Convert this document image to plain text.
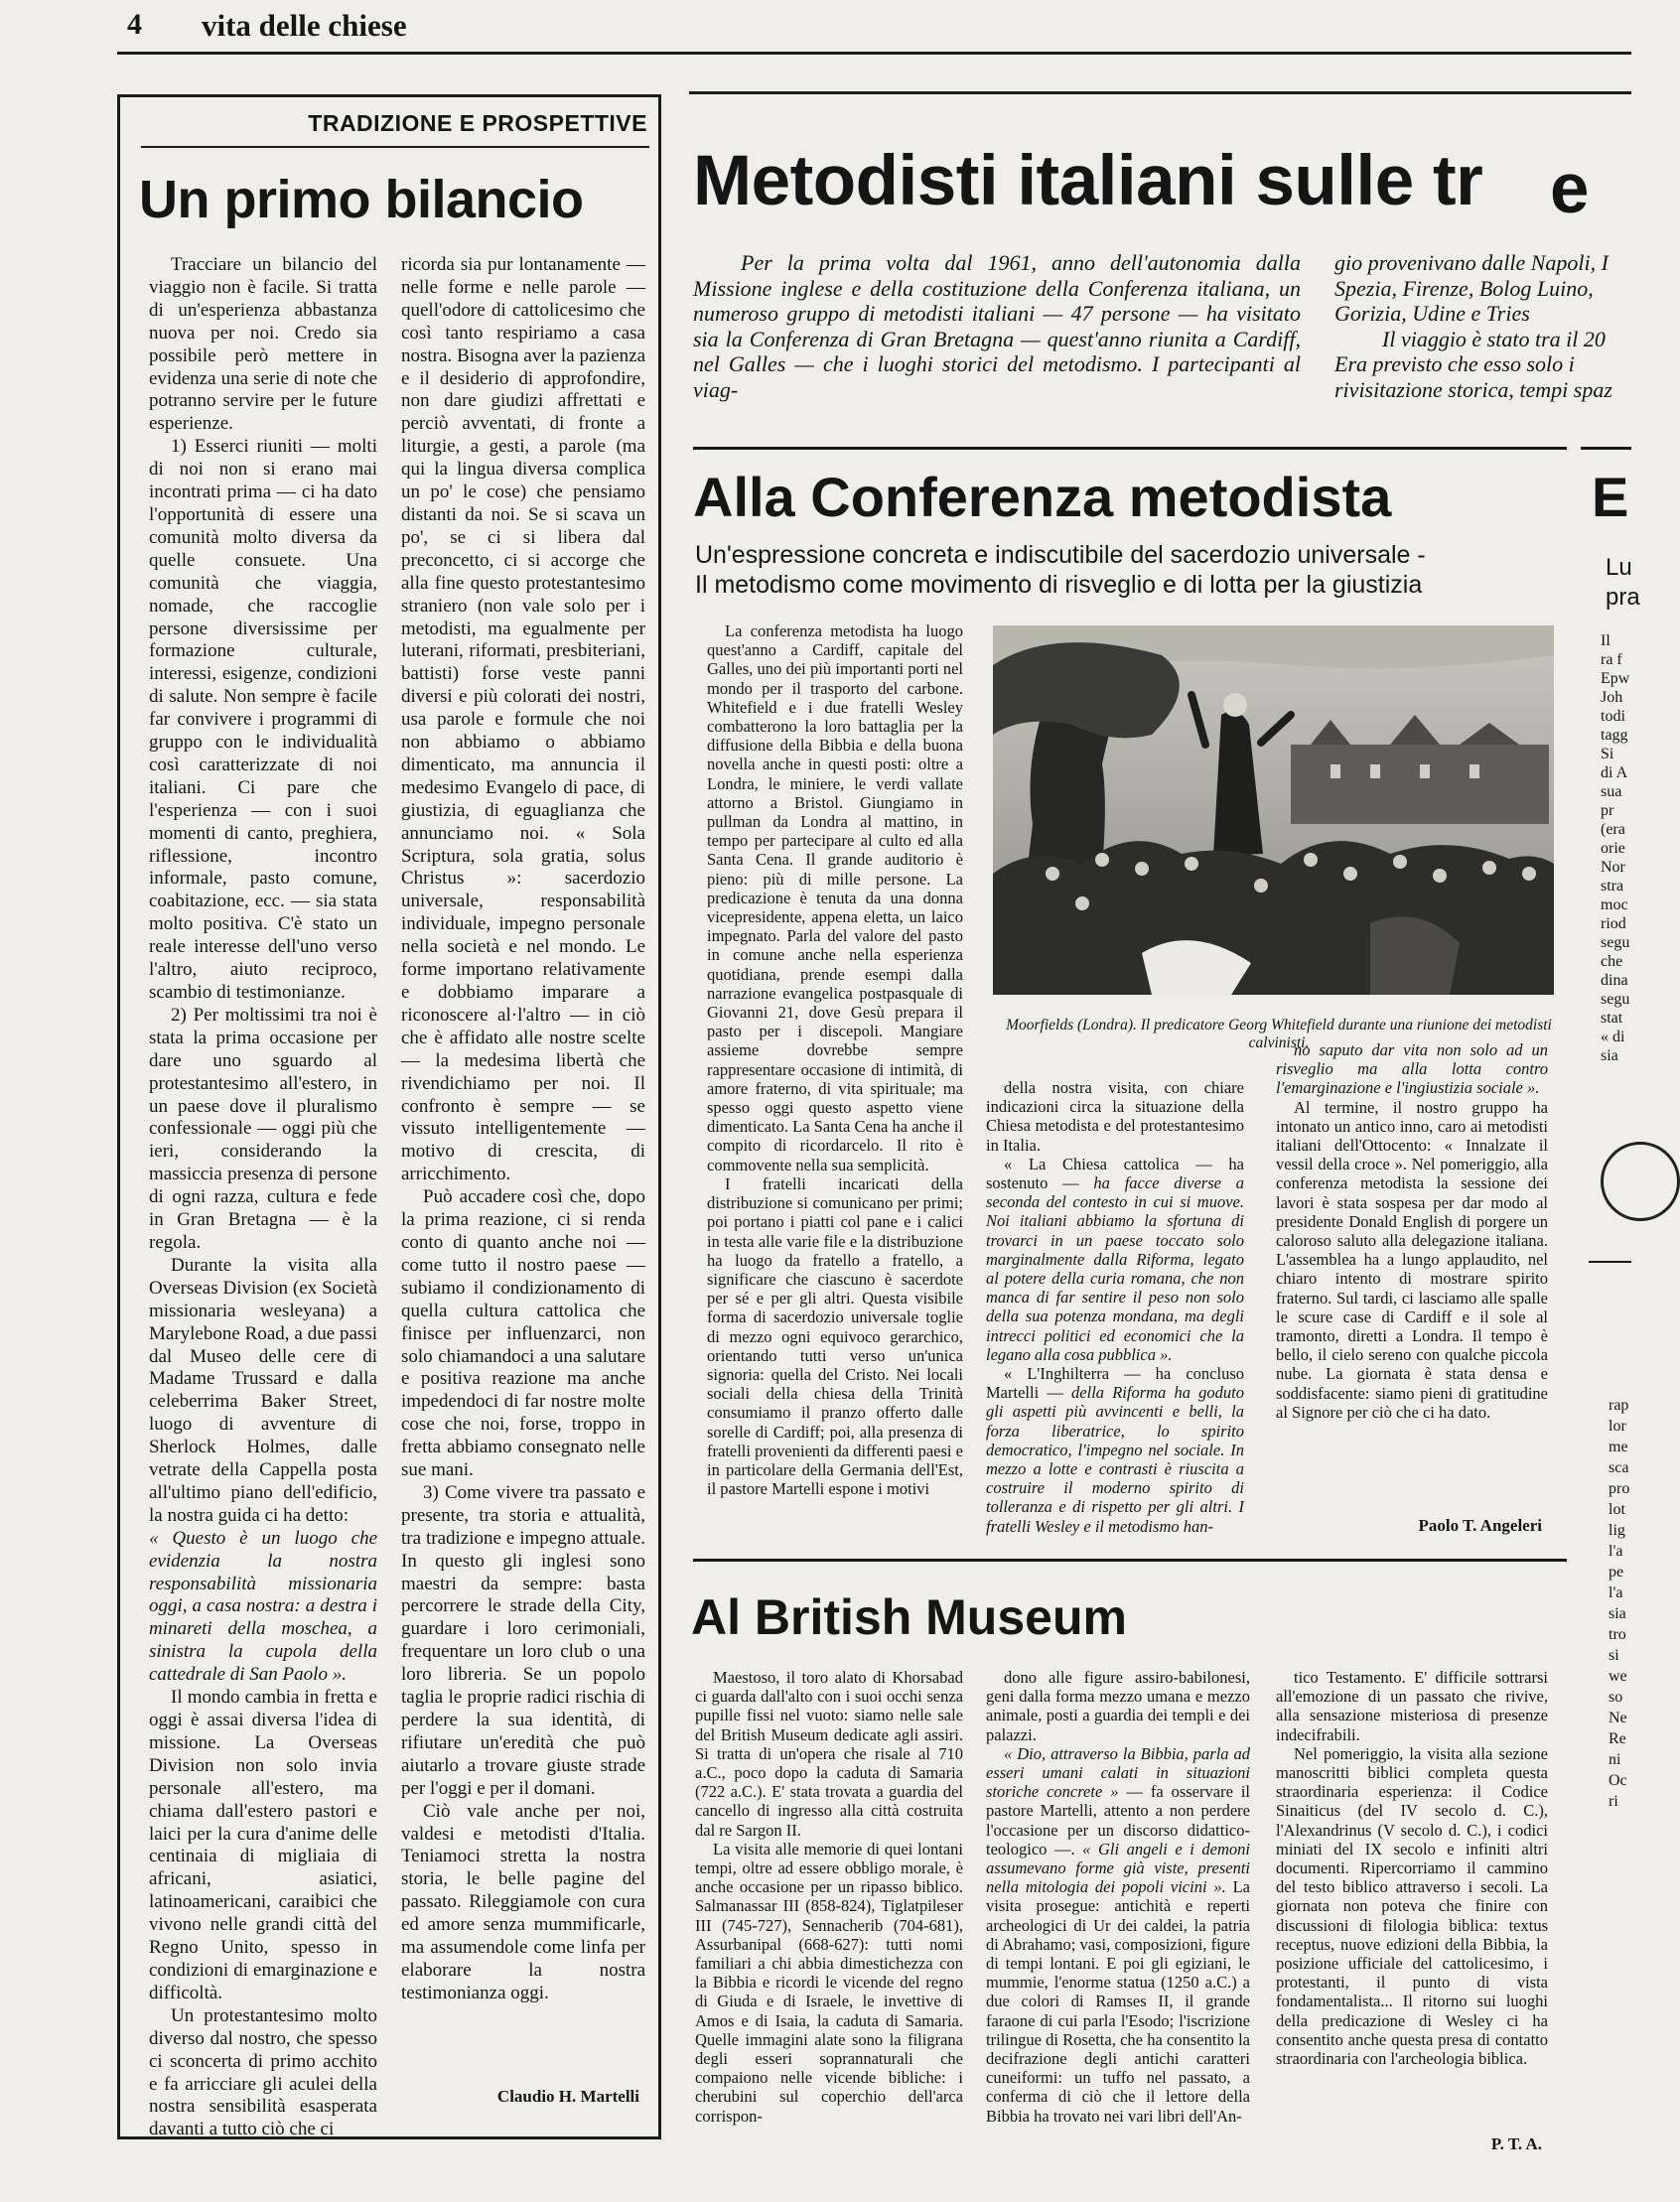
4 vita delle chiese
TRADIZIONE E PROSPETTIVE
Un primo bilancio

Tracciare un bilancio del viaggio non è facile. Si tratta di un'esperienza abbastanza nuova per noi. Credo sia possibile però mettere in evidenza una serie di note che potranno servire per le future esperienze.

1) Esserci riuniti — molti di noi non si erano mai incontrati prima — ci ha dato l'opportunità di essere una comunità molto diversa da quelle consuete. Una comunità che viaggia, nomade, che raccoglie persone diversissime per formazione culturale, interessi, esigenze, condizioni di salute. Non sempre è facile far convivere i programmi di gruppo con le individualità così caratterizzate di noi italiani. Ci pare che l'esperienza — con i suoi momenti di canto, preghiera, riflessione, incontro informale, pasto comune, coabitazione, ecc. — sia stata molto positiva. C'è stato un reale interesse dell'uno verso l'altro, aiuto reciproco, scambio di testimonianze.

2) Per moltissimi tra noi è stata la prima occasione per dare uno sguardo al protestantesimo all'estero, in un paese dove il pluralismo confessionale — oggi più che ieri, considerando la massiccia presenza di persone di ogni razza, cultura e fede in Gran Bretagna — è la regola.

Durante la visita alla Overseas Division (ex Società missionaria wesleyana) a Marylebone Road, a due passi dal Museo delle cere di Madame Trussard e dalla celeberrima Baker Street, luogo di avventure di Sherlock Holmes, dalle vetrate della Cappella posta all'ultimo piano dell'edificio, la nostra guida ci ha detto:

« Questo è un luogo che evidenzia la nostra responsabilità missionaria oggi, a casa nostra: a destra i minareti della moschea, a sinistra la cupola della cattedrale di San Paolo ».

Il mondo cambia in fretta e oggi è assai diversa l'idea di missione. La Overseas Division non solo invia personale all'estero, ma chiama dall'estero pastori e laici per la cura d'anime delle centinaia di migliaia di africani, asiatici, latinoamericani, caraibici che vivono nelle grandi città del Regno Unito, spesso in condizioni di emarginazione e difficoltà.

Un protestantesimo molto diverso dal nostro, che spesso ci sconcerta di primo acchito e fa arricciare gli aculei della nostra sensibilità esasperata davanti a tutto ciò che ci

ricorda sia pur lontanamente — nelle forme e nelle parole — quell'odore di cattolicesimo che così tanto respiriamo a casa nostra. Bisogna aver la pazienza e il desiderio di approfondire, non dare giudizi affrettati e perciò avventati, di fronte a liturgie, a gesti, a parole (ma qui la lingua diversa complica un po' le cose) che pensiamo distanti da noi. Se si scava un po', se ci si libera dal preconcetto, ci si accorge che alla fine questo protestantesimo straniero (non vale solo per i metodisti, ma egualmente per luterani, riformati, presbiteriani, battisti) forse veste panni diversi e più colorati dei nostri, usa parole e formule che noi non abbiamo o abbiamo dimenticato, ma annuncia il medesimo Evangelo di pace, di giustizia, di eguaglianza che annunciamo noi. « Sola Scriptura, sola gratia, solus Christus »: sacerdozio universale, responsabilità individuale, impegno personale nella società e nel mondo. Le forme importano relativamente e dobbiamo imparare a riconoscere al·l'altro — in ciò che è affidato alle nostre scelte — la medesima libertà che rivendichiamo per noi. Il confronto è sempre — se vissuto intelligentemente — motivo di crescita, di arricchimento.

Può accadere così che, dopo la prima reazione, ci si renda conto di quanto anche noi — come tutto il nostro paese — subiamo il condizionamento di quella cultura cattolica che finisce per influenzarci, non solo chiamandoci a una salutare e positiva reazione ma anche impedendoci di far nostre molte cose che noi, forse, troppo in fretta abbiamo consegnato nelle sue mani.

3) Come vivere tra passato e presente, tra storia e attualità, tra tradizione e impegno attuale. In questo gli inglesi sono maestri da sempre: basta percorrere le strade della City, guardare i loro cerimoniali, frequentare un loro club o una loro libreria. Se un popolo taglia le proprie radici rischia di perdere la sua identità, di rifiutare un'eredità che può aiutarlo a trovare giuste strade per l'oggi e per il domani.

Ciò vale anche per noi, valdesi e metodisti d'Italia. Teniamoci stretta la nostra storia, le belle pagine del passato. Rileggiamole con cura ed amore senza mummificarle, ma assumendole come linfa per elaborare la nostra testimonianza oggi.

Claudio H. Martelli
Metodisti italiani sulle tr e
Per la prima volta dal 1961, anno dell'autonomia dalla Missione inglese e della costituzione della Conferenza italiana, un numeroso gruppo di metodisti italiani — 47 persone — ha visitato sia la Conferenza di Gran Bretagna — quest'anno riunita a Cardiff, nel Galles — che i luoghi storici del metodismo. I partecipanti al viag-
gio provenivano dalle Napoli, I
Spezia, Firenze, Bolog Luino,
Gorizia, Udine e Tries
Il viaggio è stato tra il 20
Era previsto che esso solo i
rivisitazione storica, tempi spaz
Alla Conferenza metodista
Un'espressione concreta e indiscutibile del sacerdozio universale -
Il metodismo come movimento di risveglio e di lotta per la giustizia

La conferenza metodista ha luogo quest'anno a Cardiff, capitale del Galles, uno dei più importanti porti nel mondo per il trasporto del carbone. Whitefield e i due fratelli Wesley combatterono la loro battaglia per la diffusione della Bibbia e della buona novella anche in questi posti: oltre a Londra, le miniere, le verdi vallate attorno a Bristol. Giungiamo in pullman da Londra al mattino, in tempo per partecipare al culto ed alla Santa Cena. Il grande auditorio è pieno: più di mille persone. La predicazione è tenuta da una donna vicepresidente, appena eletta, un laico impegnato. Parla del valore del pasto in comune anche nella esperienza quotidiana, prende esempi dalla narrazione evangelica postpasquale di Giovanni 21, dove Gesù prepara il pasto per i discepoli. Mangiare assieme dovrebbe sempre rappresentare occasione di intimità, di amore fraterno, di vita spirituale; ma spesso oggi questo aspetto viene dimenticato. La Santa Cena ha anche il compito di ricordarcelo. Il rito è commovente nella sua semplicità.

I fratelli incaricati della distribuzione si comunicano per primi; poi portano i piatti col pane e i calici in testa alle varie file e la distribuzione ha luogo da fratello a fratello, a significare che ciascuno è sacerdote per sé e per gli altri. Questa visibile forma di sacerdozio universale toglie di mezzo ogni equivoco gerarchico, orientando tutti verso un'unica signoria: quella del Cristo. Nei locali sociali della chiesa della Trinità consumiamo il pranzo offerto dalle sorelle di Cardiff; poi, alla presenza di fratelli provenienti da differenti paesi e in particolare della Germania dell'Est, il pastore Martelli espone i motivi

Moorfields (Londra). Il predicatore Georg Whitefield durante una riunione dei metodisti calvinisti.

della nostra visita, con chiare indicazioni circa la situazione della Chiesa metodista e del protestantesimo in Italia.

« La Chiesa cattolica — ha sostenuto — ha facce diverse a seconda del contesto in cui si muove. Noi italiani abbiamo la sfortuna di trovarci in un paese toccato solo marginalmente dalla Riforma, legato al potere della curia romana, che non manca di far sentire il peso non solo della sua potenza mondana, ma degli intrecci politici ed economici che la legano alla cosa pubblica ».

« L'Inghilterra — ha concluso Martelli — della Riforma ha goduto gli aspetti più avvincenti e belli, la forza liberatrice, lo spirito democratico, l'impegno nel sociale. In mezzo a lotte e contrasti è riuscita a costruire il moderno spirito di tolleranza e di rispetto per gli altri. I fratelli Wesley e il metodismo han-

no saputo dar vita non solo ad un risveglio ma alla lotta contro l'emarginazione e l'ingiustizia sociale ».

Al termine, il nostro gruppo ha intonato un antico inno, caro ai metodisti italiani dell'Ottocento: « Innalzate il vessil della croce ». Nel pomeriggio, alla conferenza metodista la sessione dei lavori è stata sospesa per dar modo al presidente Donald English di porgere un caloroso saluto alla delegazione italiana. L'assemblea ha a lungo applaudito, nel chiaro intento di mostrare spirito fraterno. Sul tardi, ci lasciamo alle spalle le scure case di Cardiff e il sole al tramonto, diretti a Londra. Il tempo è bello, il cielo sereno con qualche piccola nube. La giornata è stata densa e soddisfacente: siamo pieni di gratitudine al Signore per ciò che ci ha dato.

Paolo T. Angeleri
Al British Museum

Maestoso, il toro alato di Khorsabad ci guarda dall'alto con i suoi occhi senza pupille fissi nel vuoto: siamo nelle sale del British Museum dedicate agli assiri. Si tratta di un'opera che risale al 710 a.C., poco dopo la caduta di Samaria (722 a.C.). E' stata trovata a guardia del cancello di ingresso alla città costruita dal re Sargon II.

La visita alle memorie di quei lontani tempi, oltre ad essere obbligo morale, è anche occasione per un ripasso biblico. Salmanassar III (858-824), Tiglatpileser III (745-727), Sennacherib (704-681), Assurbanipal (668-627): tutti nomi familiari a chi abbia dimestichezza con la Bibbia e ricordi le vicende del regno di Giuda e di Israele, le invettive di Amos e di Isaia, la caduta di Samaria. Quelle immagini alate sono la filigrana degli esseri soprannaturali che compaiono nelle vicende bibliche: i cherubini sul coperchio dell'arca corrispon-

dono alle figure assiro-babilonesi, geni dalla forma mezzo umana e mezzo animale, posti a guardia dei templi e dei palazzi.

« Dio, attraverso la Bibbia, parla ad esseri umani calati in situazioni storiche concrete » — fa osservare il pastore Martelli, attento a non perdere l'occasione per un discorso didattico-teologico —. « Gli angeli e i demoni assumevano forme già viste, presenti nella mitologia dei popoli vicini ». La visita prosegue: antichità e reperti archeologici di Ur dei caldei, la patria di Abrahamo; vasi, composizioni, figure di tempi lontani. E poi gli egiziani, le mummie, l'enorme statua (1250 a.C.) a due colori di Ramses II, il grande faraone di cui parla l'Esodo; l'iscrizione trilingue di Rosetta, che ha consentito la decifrazione degli antichi caratteri cuneiformi: un tuffo nel passato, a conferma di ciò che il lettore della Bibbia ha trovato nei vari libri dell'An-

tico Testamento. E' difficile sottrarsi all'emozione di un passato che rivive, alla sensazione misteriosa di presenze indecifrabili.

Nel pomeriggio, la visita alla sezione manoscritti biblici completa questa straordinaria esperienza: il Codice Sinaiticus (del IV secolo d. C.), l'Alexandrinus (V secolo d. C.), i codici miniati del IX secolo e infiniti altri documenti. Ripercorriamo il cammino del testo biblico attraverso i secoli. La giornata non poteva che finire con discussioni di filologia biblica: textus receptus, nuove edizioni della Bibbia, la posizione ufficiale del cattolicesimo, i protestanti, il punto di vista fondamentalista... Il ritorno sui luoghi della predicazione di Wesley ci ha consentito anche questa presa di contatto straordinaria con l'archeologia biblica.

P. T. A.
E
Lu
pra
Il
ra f
Epw
Joh
todi
tagg
Si
di A
sua
pr
(era
orie
Nor
stra
moc
riod
segu
che
dina
segu
stat
« di
sia
rap
lor
me
sca
pro
lot
lig
l'a
pe
l'a
sia
tro
si
we
so
Ne
Re
ni
Oc
ri
